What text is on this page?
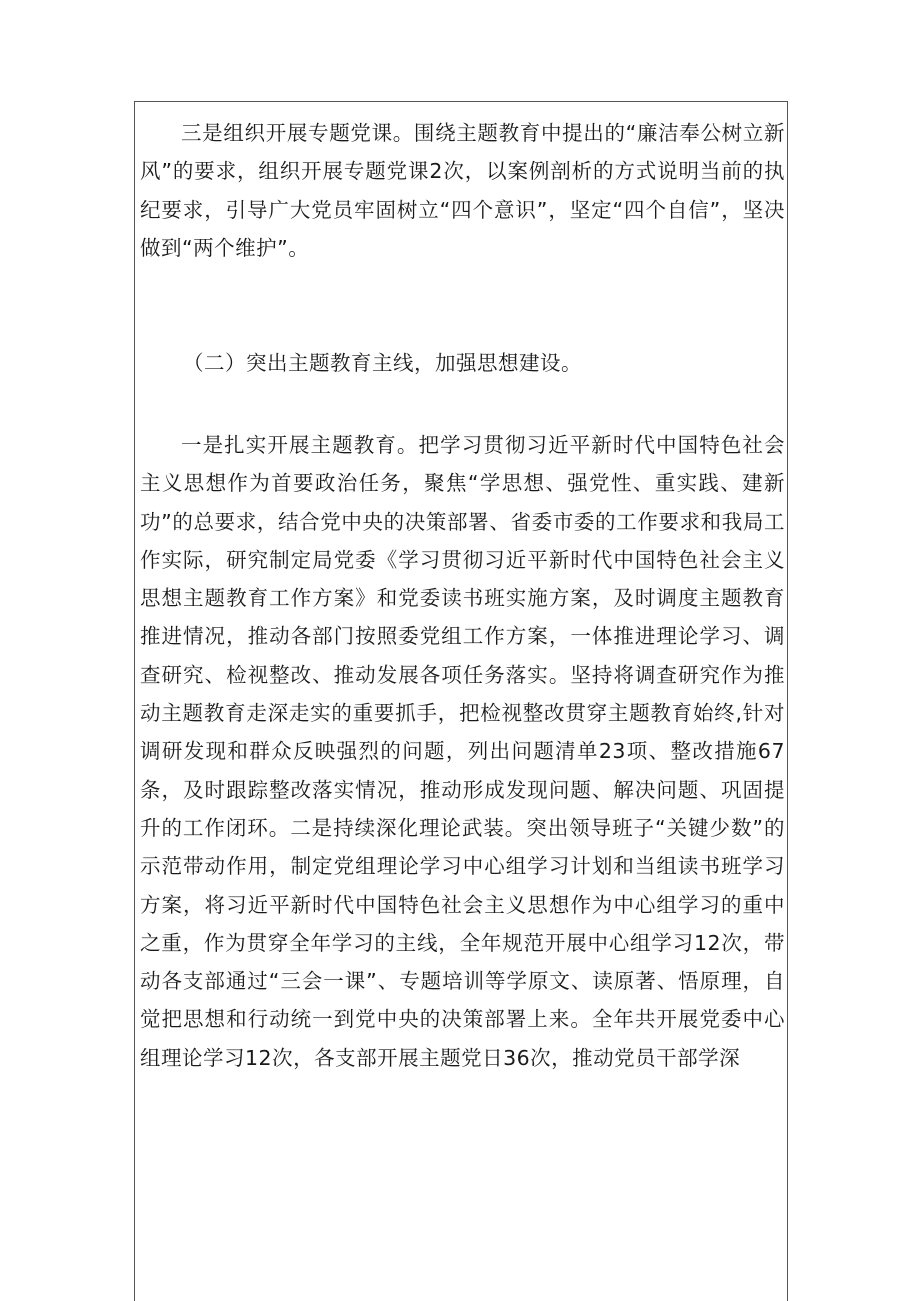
三是组织开展专题党课。围绕主题教育中提出的“廉洁奉公树立新风”的要求，组织开展专题党课2次，以案例剖析的方式说明当前的执纪要求，引导广大党员牢固树立“四个意识”，坚定“四个自信”，坚决做到“两个维护”。

（二）突出主题教育主线，加强思想建设。

一是扎实开展主题教育。把学习贯彻习近平新时代中国特色社会主义思想作为首要政治任务，聚焦“学思想、强党性、重实践、建新功”的总要求，结合党中央的决策部署、省委市委的工作要求和我局工作实际，研究制定局党委《学习贯彻习近平新时代中国特色社会主义思想主题教育工作方案》和党委读书班实施方案，及时调度主题教育推进情况，推动各部门按照委党组工作方案，一体推进理论学习、调查研究、检视整改、推动发展各项任务落实。坚持将调查研究作为推动主题教育走深走实的重要抓手，把检视整改贯穿主题教育始终,针对调研发现和群众反映强烈的问题，列出问题清单23项、整改措施67条，及时跟踪整改落实情况，推动形成发现问题、解决问题、巩固提升的工作闭环。二是持续深化理论武装。突出领导班子“关键少数”的示范带动作用，制定党组理论学习中心组学习计划和当组读书班学习方案，将习近平新时代中国特色社会主义思想作为中心组学习的重中之重，作为贯穿全年学习的主线，全年规范开展中心组学习12次，带动各支部通过“三会一课”、专题培训等学原文、读原著、悟原理，自觉把思想和行动统一到党中央的决策部署上来。全年共开展党委中心组理论学习12次，各支部开展主题党日36次，推动党员干部学深
